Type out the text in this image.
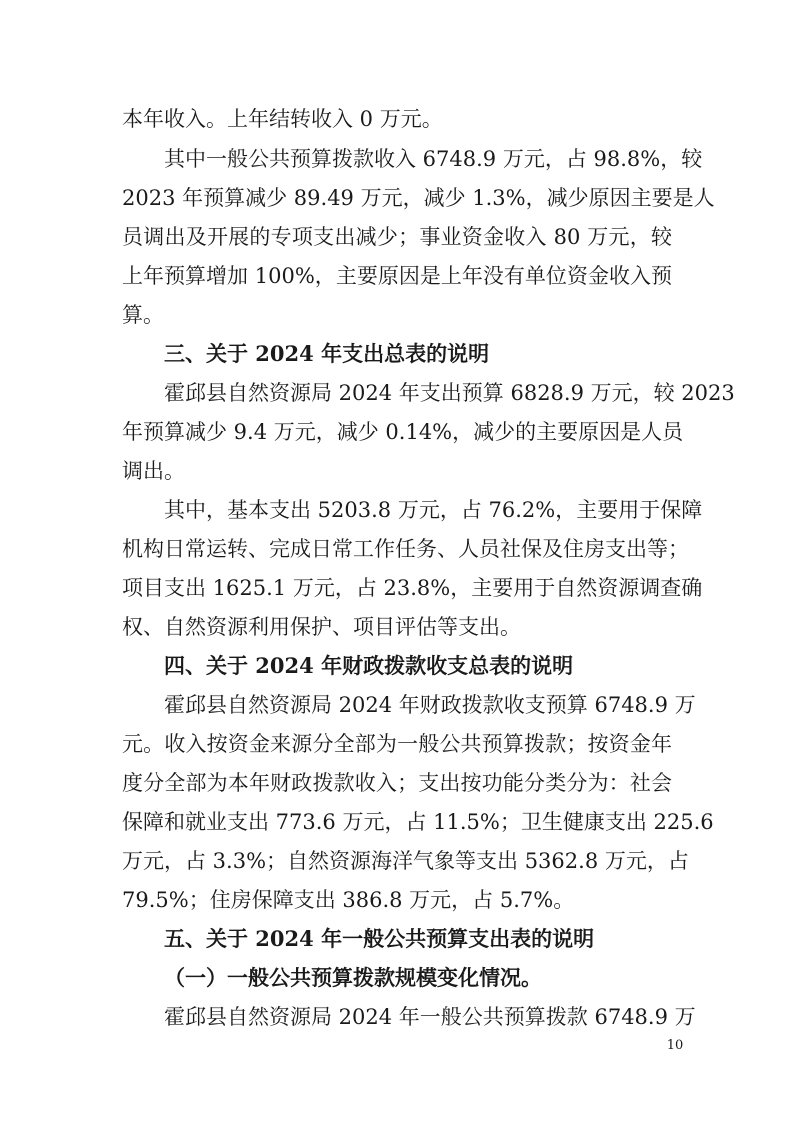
本年收入。上年结转收入 0 万元。
其中一般公共预算拨款收入 6748.9 万元，占 98.8%，较
2023 年预算减少 89.49 万元，减少 1.3%，减少原因主要是人
员调出及开展的专项支出减少；事业资金收入 80 万元，较
上年预算增加 100%，主要原因是上年没有单位资金收入预
算。
三、关于 2024 年支出总表的说明
霍邱县自然资源局 2024 年支出预算 6828.9 万元，较 2023
年预算减少 9.4 万元，减少 0.14%，减少的主要原因是人员
调出。
其中，基本支出 5203.8 万元，占 76.2%，主要用于保障
机构日常运转、完成日常工作任务、人员社保及住房支出等；
项目支出 1625.1 万元，占 23.8%，主要用于自然资源调查确
权、自然资源利用保护、项目评估等支出。
四、关于 2024 年财政拨款收支总表的说明
霍邱县自然资源局 2024 年财政拨款收支预算 6748.9 万
元。收入按资金来源分全部为一般公共预算拨款；按资金年
度分全部为本年财政拨款收入；支出按功能分类分为：社会
保障和就业支出 773.6 万元，占 11.5%；卫生健康支出 225.6
万元，占 3.3%；自然资源海洋气象等支出 5362.8 万元，占
79.5%；住房保障支出 386.8 万元，占 5.7%。
五、关于 2024 年一般公共预算支出表的说明
（一）一般公共预算拨款规模变化情况。
霍邱县自然资源局 2024 年一般公共预算拨款 6748.9 万
10
